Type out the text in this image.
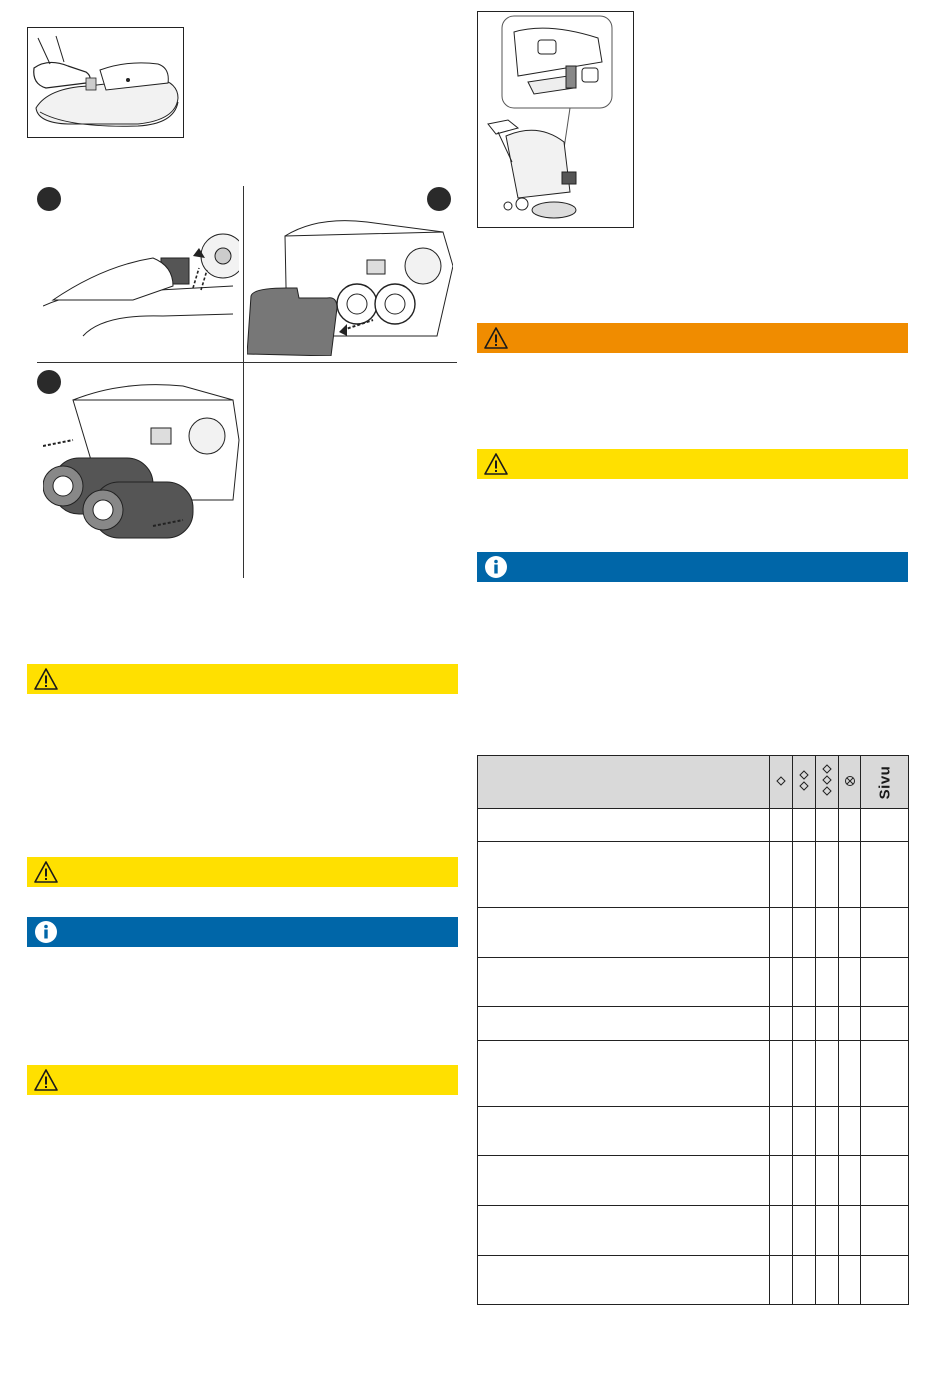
					Sivu
